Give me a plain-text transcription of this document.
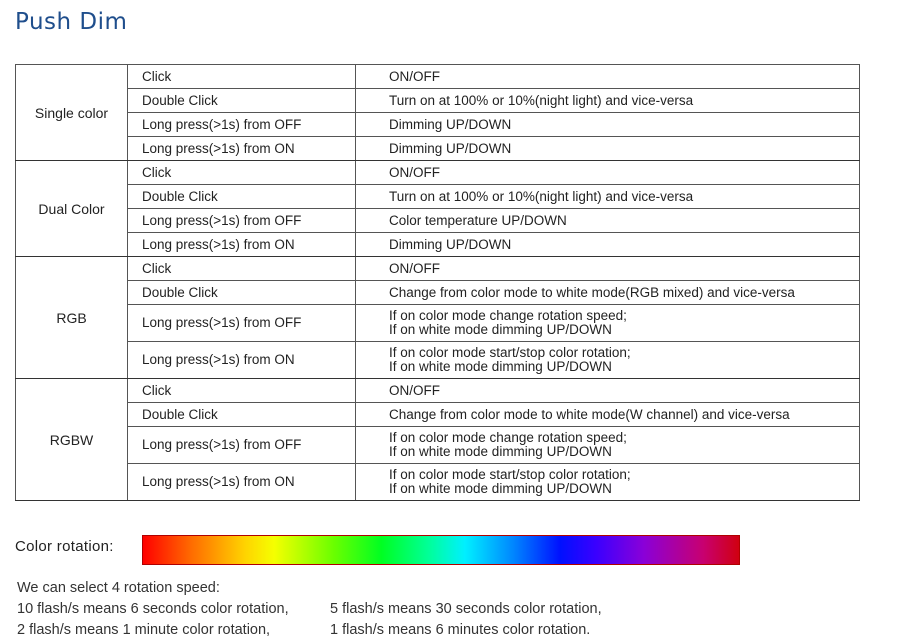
Push Dim
Single color	Click	ON/OFF
	Double Click	Turn on at 100% or 10%(night light) and vice-versa
	Long press(>1s) from OFF	Dimming UP/DOWN
	Long press(>1s) from ON	Dimming UP/DOWN
Dual Color	Click	ON/OFF
	Double Click	Turn on at 100% or 10%(night light) and vice-versa
	Long press(>1s) from OFF	Color temperature UP/DOWN
	Long press(>1s) from ON	Dimming UP/DOWN
RGB	Click	ON/OFF
	Double Click	Change from color mode to white mode(RGB mixed) and vice-versa
	Long press(>1s) from OFF	If on color mode change rotation speed;
If on white mode dimming UP/DOWN

	Long press(>1s) from ON	If on color mode start/stop color rotation;
If on white mode dimming UP/DOWN

RGBW	Click	ON/OFF
	Double Click	Change from color mode to white mode(W channel) and vice-versa
	Long press(>1s) from OFF	If on color mode change rotation speed;
If on white mode dimming UP/DOWN

	Long press(>1s) from ON	If on color mode start/stop color rotation;
If on white mode dimming UP/DOWN
Color rotation:
We can select 4 rotation speed:
10 flash/s means 6 seconds color rotation,	5 flash/s means 30 seconds color rotation,
2 flash/s means 1 minute color rotation,	1 flash/s means 6 minutes color rotation.
